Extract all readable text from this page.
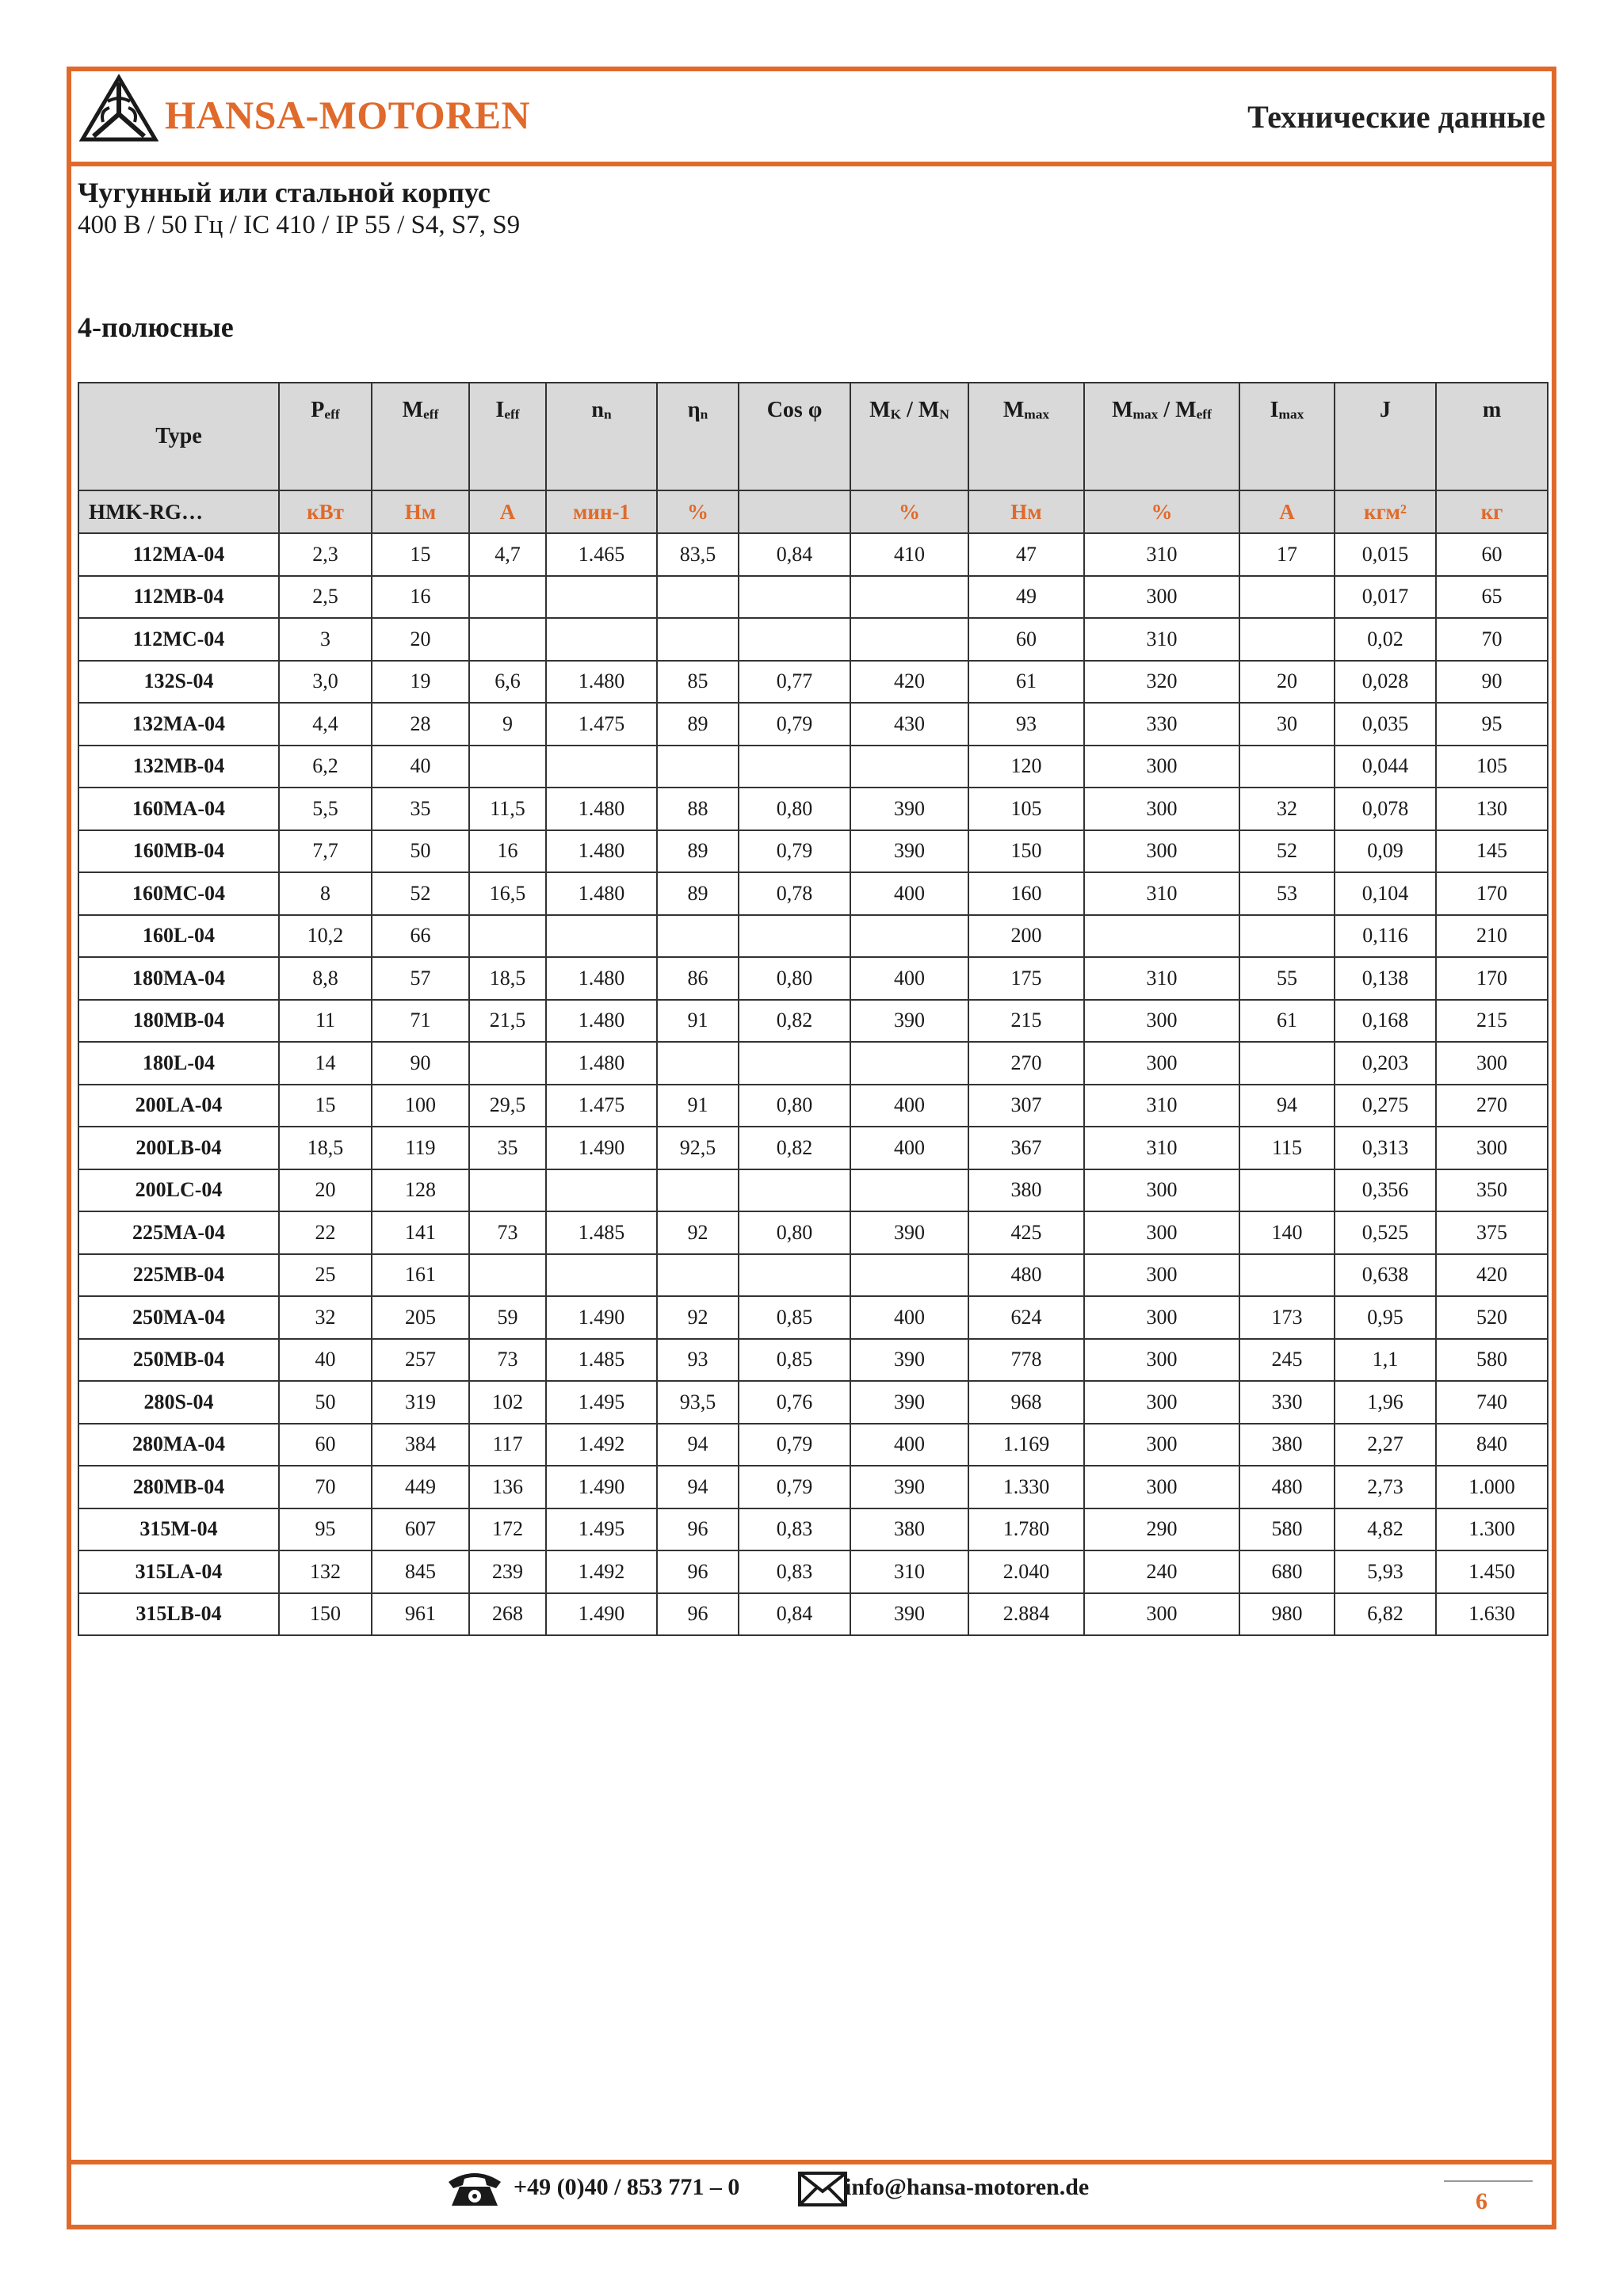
HANSA-MOTOREN	Технические данные
Чугунный или стальной корпус
400 В / 50 Гц / IC 410 / IP 55 / S4, S7, S9
4-полюсные
Type	$P_{eff}$	$M_{eff}$	$I_{eff}$	$n_n$	$\eta_n$	Cos φ	$M_K / M_N$	$M_{max}$	$M_{max} / M_{eff}$	$I_{max}$	J	m
HMK-RG…	кВт	Нм	A	мин-1	%		%	Нм	%	A	кгм²	кг
112MA-04	2,3	15	4,7	1.465	83,5	0,84	410	47	310	17	0,015	60
112MB-04	2,5	16						49	300		0,017	65
112MC-04	3	20						60	310		0,02	70
132S-04	3,0	19	6,6	1.480	85	0,77	420	61	320	20	0,028	90
132MA-04	4,4	28	9	1.475	89	0,79	430	93	330	30	0,035	95
132MB-04	6,2	40						120	300		0,044	105
160MA-04	5,5	35	11,5	1.480	88	0,80	390	105	300	32	0,078	130
160MB-04	7,7	50	16	1.480	89	0,79	390	150	300	52	0,09	145
160MC-04	8	52	16,5	1.480	89	0,78	400	160	310	53	0,104	170
160L-04	10,2	66						200			0,116	210
180MA-04	8,8	57	18,5	1.480	86	0,80	400	175	310	55	0,138	170
180MB-04	11	71	21,5	1.480	91	0,82	390	215	300	61	0,168	215
180L-04	14	90		1.480				270	300		0,203	300
200LA-04	15	100	29,5	1.475	91	0,80	400	307	310	94	0,275	270
200LB-04	18,5	119	35	1.490	92,5	0,82	400	367	310	115	0,313	300
200LC-04	20	128						380	300		0,356	350
225MA-04	22	141	73	1.485	92	0,80	390	425	300	140	0,525	375
225MB-04	25	161						480	300		0,638	420
250MA-04	32	205	59	1.490	92	0,85	400	624	300	173	0,95	520
250MB-04	40	257	73	1.485	93	0,85	390	778	300	245	1,1	580
280S-04	50	319	102	1.495	93,5	0,76	390	968	300	330	1,96	740
280MA-04	60	384	117	1.492	94	0,79	400	1.169	300	380	2,27	840
280MB-04	70	449	136	1.490	94	0,79	390	1.330	300	480	2,73	1.000
315M-04	95	607	172	1.495	96	0,83	380	1.780	290	580	4,82	1.300
315LA-04	132	845	239	1.492	96	0,83	310	2.040	240	680	5,93	1.450
315LB-04	150	961	268	1.490	96	0,84	390	2.884	300	980	6,82	1.630
+49 (0)40 / 853 771 – 0	info@hansa-motoren.de
6
